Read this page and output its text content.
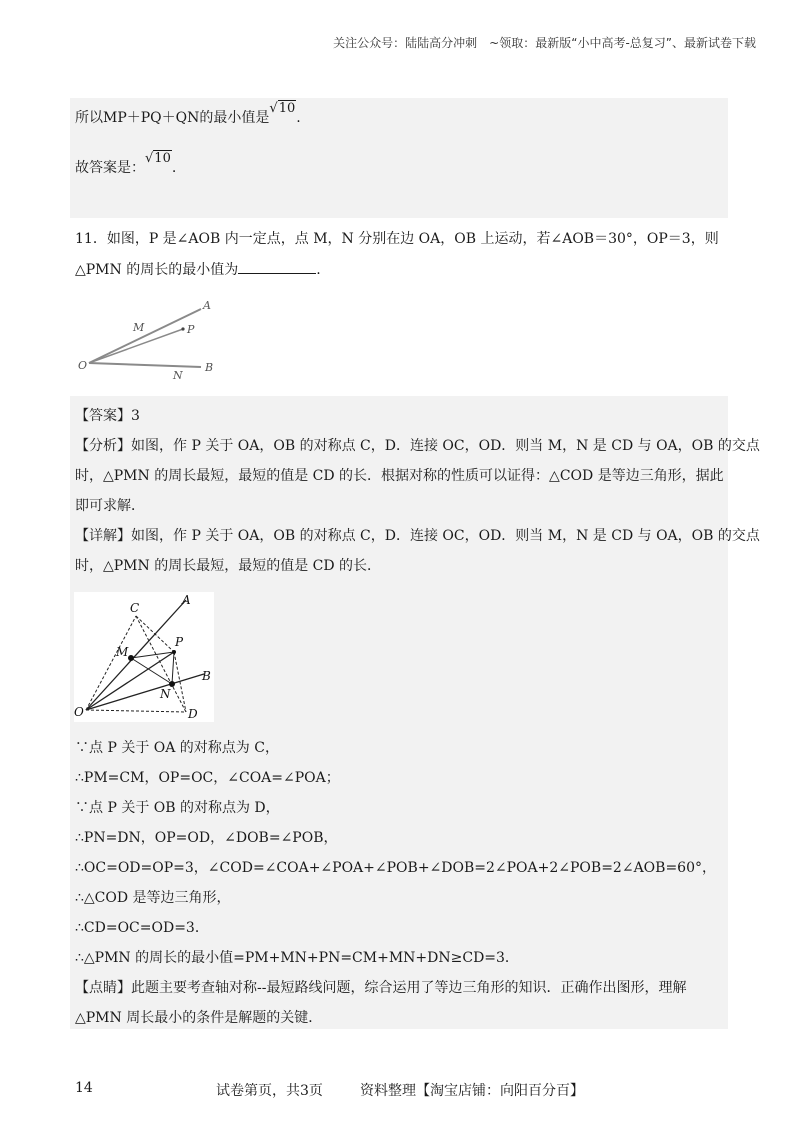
关注公众号：陆陆高分冲刺　~领取：最新版“小中高考-总复习”、最新试卷下载
所以MP＋PQ＋QN的最小值是√10.
故答案是：√10.
11．如图，P 是∠AOB 内一定点，点 M，N 分别在边 OA，OB 上运动，若∠AOB＝30°，OP＝3，则
△PMN 的周长的最小值为	.
A
M	P
O
N
B
【答案】3
【分析】如图，作 P 关于 OA，OB 的对称点 C，D．连接 OC，OD．则当 M，N 是 CD 与 OA，OB 的交点
时，△PMN 的周长最短，最短的值是 CD 的长．根据对称的性质可以证得：△COD 是等边三角形，据此
即可求解．
【详解】如图，作 P 关于 OA，OB 的对称点 C，D．连接 OC，OD．则当 M，N 是 CD 与 OA，OB 的交点
时，△PMN 的周长最短，最短的值是 CD 的长．
C
A
P
M
B
N
O	D
∵点 P 关于 OA 的对称点为 C，
∴PM=CM，OP=OC，∠COA=∠POA；
∵点 P 关于 OB 的对称点为 D，
∴PN=DN，OP=OD，∠DOB=∠POB，
∴OC=OD=OP=3，∠COD=∠COA+∠POA+∠POB+∠DOB=2∠POA+2∠POB=2∠AOB=60°，
∴△COD 是等边三角形，
∴CD=OC=OD=3．
∴△PMN 的周长的最小值=PM+MN+PN=CM+MN+DN≥CD=3．
【点睛】此题主要考查轴对称--最短路线问题，综合运用了等边三角形的知识．正确作出图形，理解
△PMN 周长最小的条件是解题的关键．
14	试卷第页，共3页	资料整理【淘宝店铺：向阳百分百】
